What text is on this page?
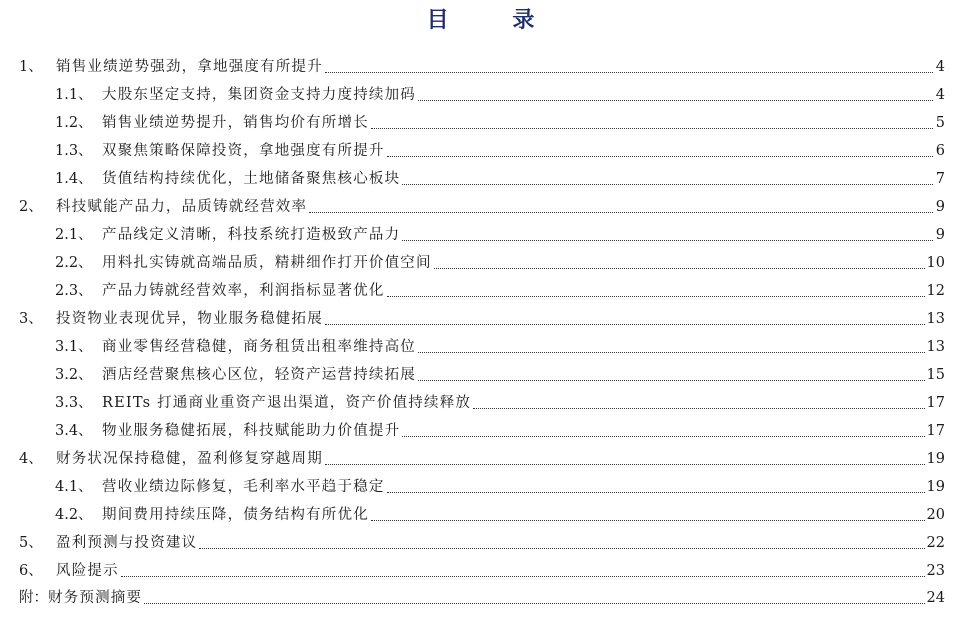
目 录
1、 销售业绩逆势强劲，拿地强度有所提升	4
1.1、 大股东坚定支持，集团资金支持力度持续加码	4
1.2、 销售业绩逆势提升，销售均价有所增长	5
1.3、 双聚焦策略保障投资，拿地强度有所提升	6
1.4、 货值结构持续优化，土地储备聚焦核心板块	7
2、 科技赋能产品力，品质铸就经营效率	9
2.1、 产品线定义清晰，科技系统打造极致产品力	9
2.2、 用料扎实铸就高端品质，精耕细作打开价值空间	10
2.3、 产品力铸就经营效率，利润指标显著优化	12
3、 投资物业表现优异，物业服务稳健拓展	13
3.1、 商业零售经营稳健，商务租赁出租率维持高位	13
3.2、 酒店经营聚焦核心区位，轻资产运营持续拓展	15
3.3、 REITs 打通商业重资产退出渠道，资产价值持续释放	17
3.4、 物业服务稳健拓展，科技赋能助力价值提升	17
4、 财务状况保持稳健，盈利修复穿越周期	19
4.1、 营收业绩边际修复，毛利率水平趋于稳定	19
4.2、 期间费用持续压降，债务结构有所优化	20
5、 盈利预测与投资建议	22
6、 风险提示	23
附： 财务预测摘要	24
